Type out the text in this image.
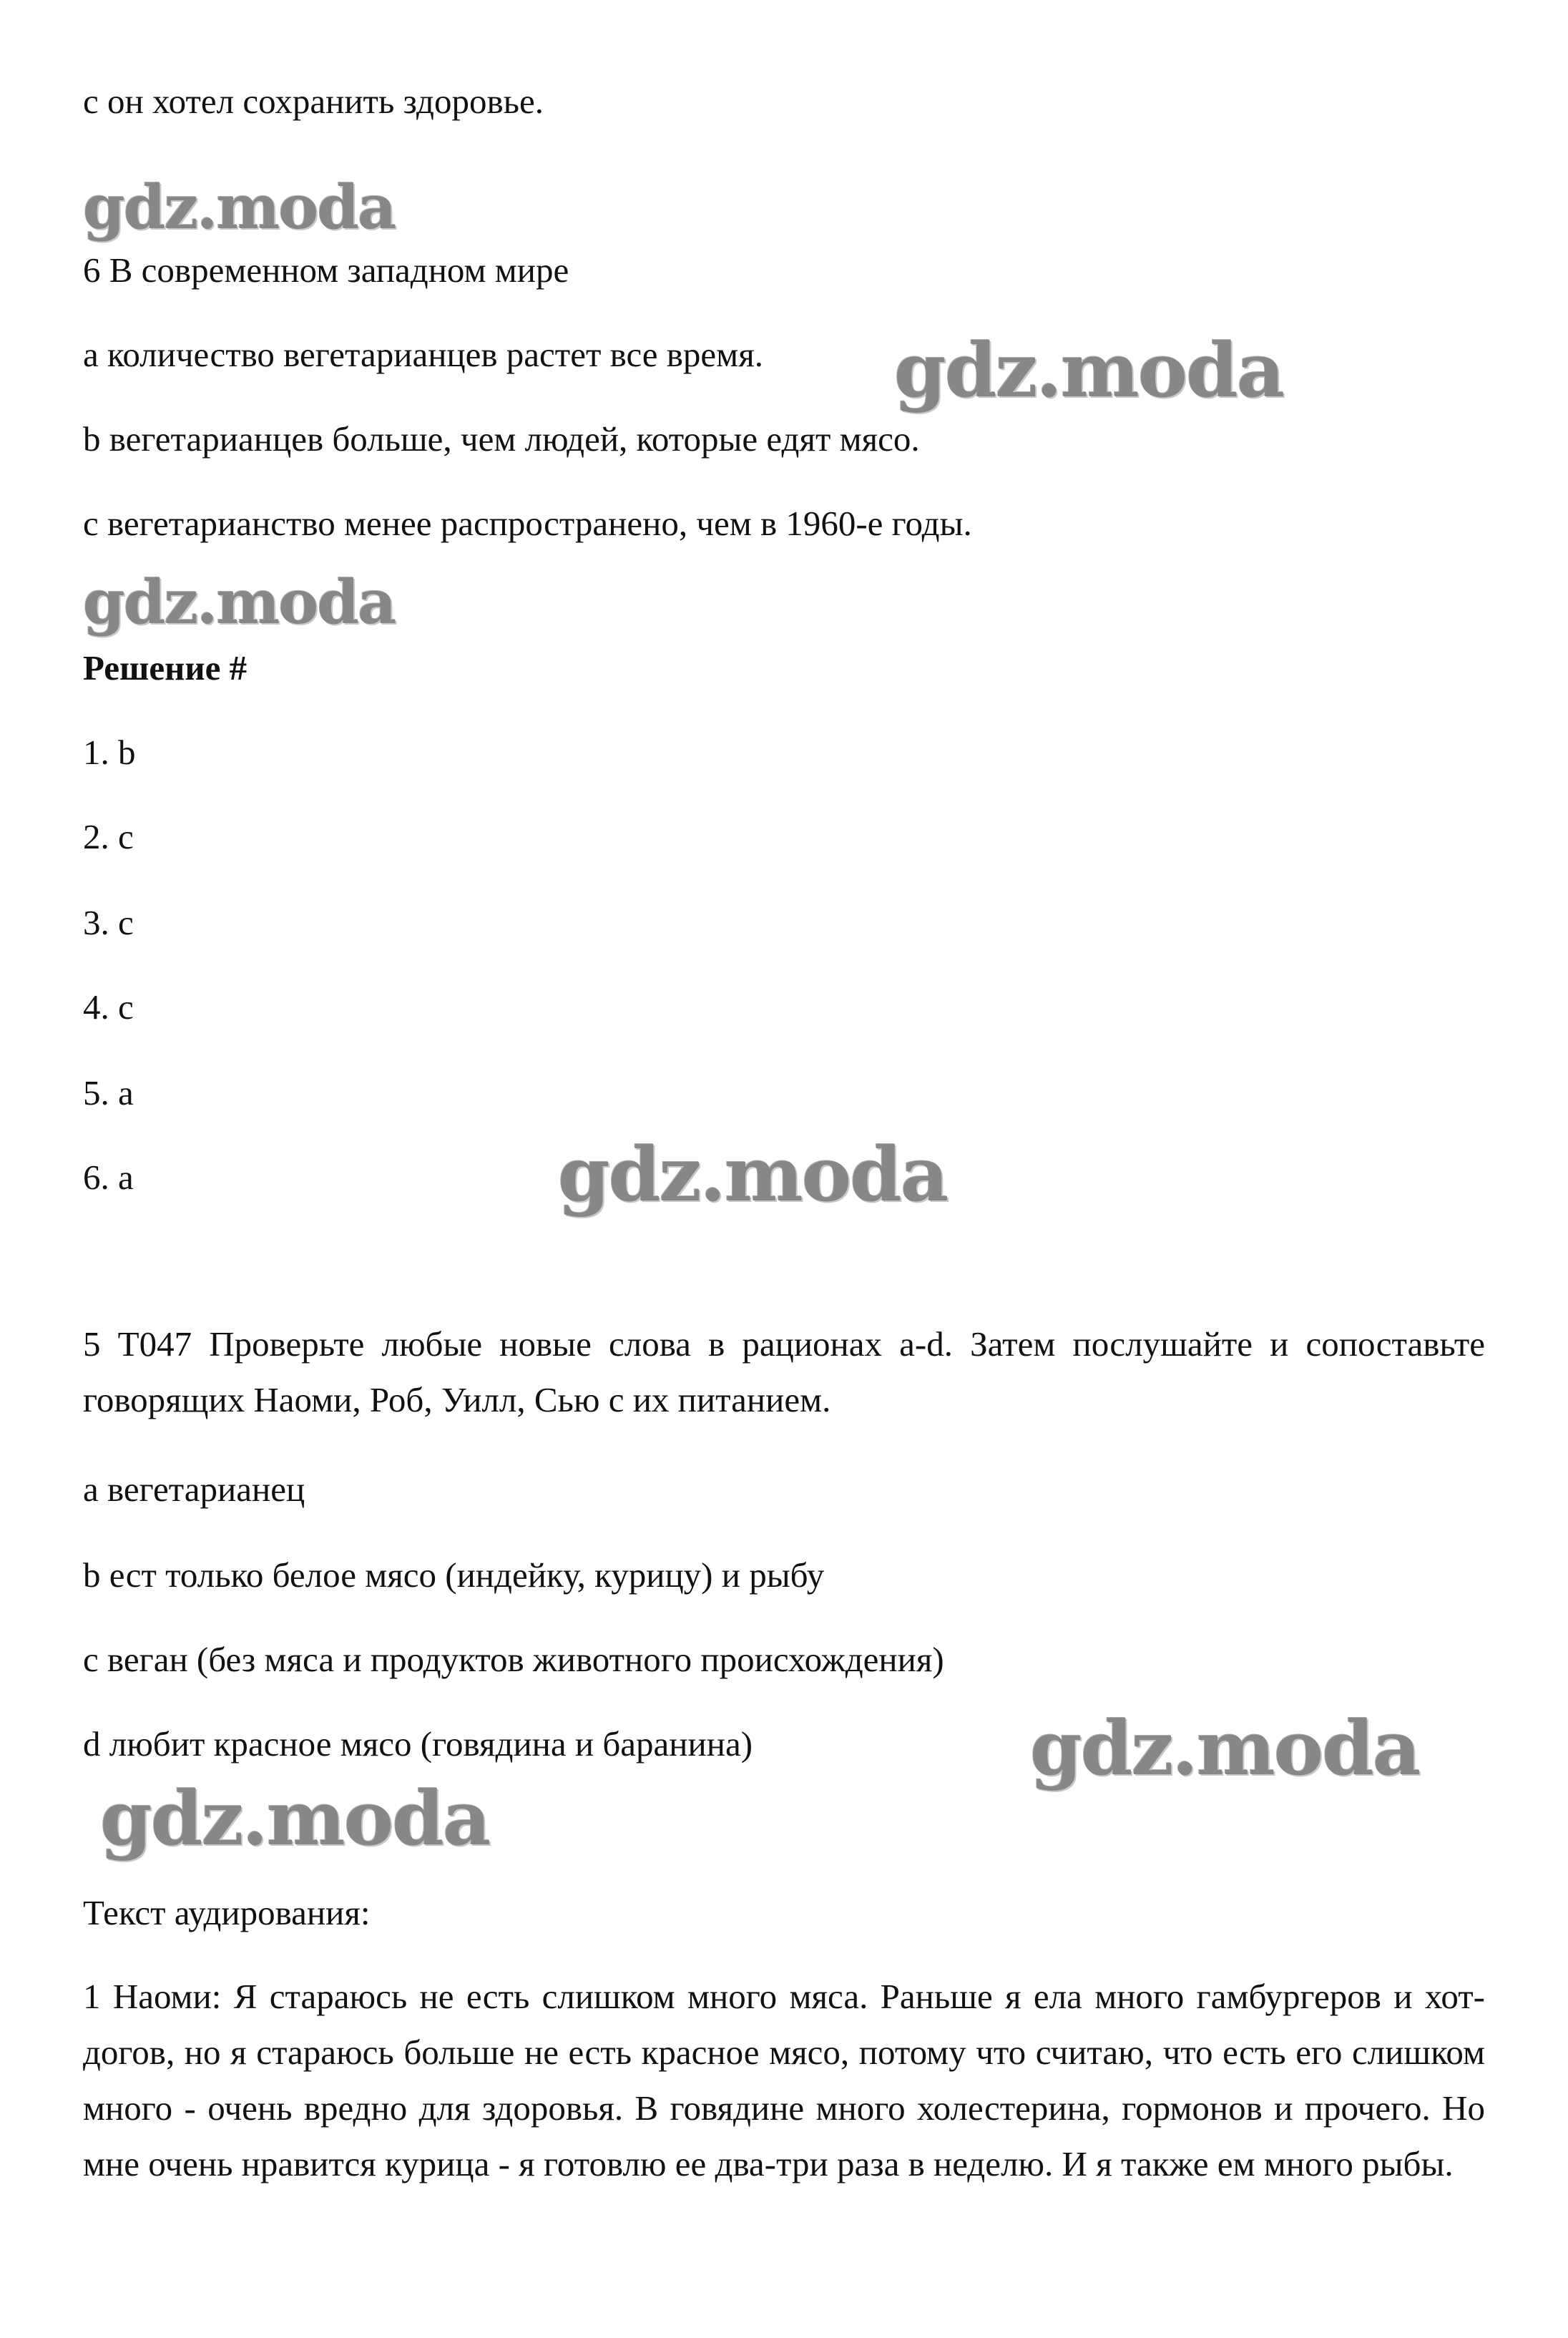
c он хотел сохранить здоровье.

gdz.moda

6 В современном западном мире

a количество вегетарианцев растет все время. gdz.moda

b вегетарианцев больше, чем людей, которые едят мясо.

c вегетарианство менее распространено, чем в 1960-е годы.

gdz.moda

Решение #

1. b

2. c

3. c

4. c

5. a

6. a	gdz.moda

5 Т047 Проверьте любые новые слова в рационах a-d. Затем послушайте и сопоставьте говорящих Наоми, Роб, Уилл, Сью с их питанием.

a вегетарианец

b ест только белое мясо (индейку, курицу) и рыбу

c веган (без мяса и продуктов животного происхождения)

d любит красное мясо (говядина и баранина)	gdz.moda
gdz.moda

Текст аудирования:

1 Наоми: Я стараюсь не есть слишком много мяса. Раньше я ела много гамбургеров и хот-догов, но я стараюсь больше не есть красное мясо, потому что считаю, что есть его слишком много - очень вредно для здоровья. В говядине много холестерина, гормонов и прочего. Но мне очень нравится курица - я готовлю ее два-три раза в неделю. И я также ем много рыбы.
